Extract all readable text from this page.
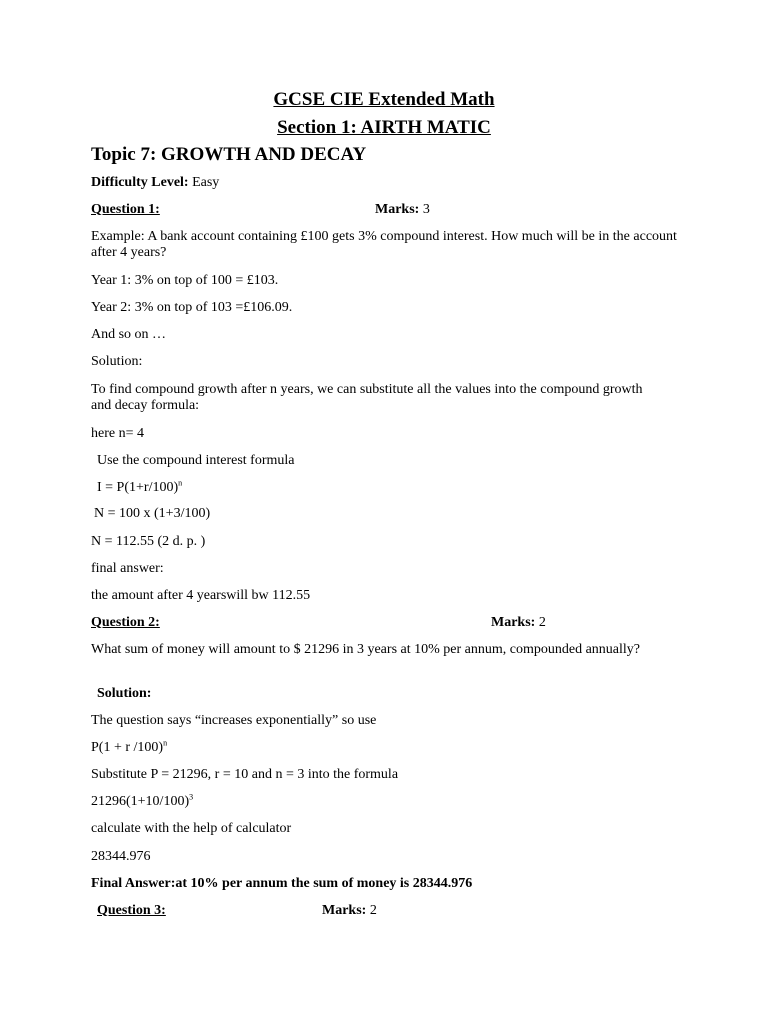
GCSE CIE Extended Math
Section 1: AIRTH MATIC
Topic 7: GROWTH AND DECAY
Difficulty Level: Easy
Question 1:	Marks: 3
Example: A bank account containing £100 gets 3% compound interest. How much will be in the account after 4 years?
Year 1: 3% on top of 100 = £103.
Year 2: 3% on top of 103 =£106.09.
And so on …
Solution:
To find compound growth after n years, we can substitute all the values into the compound growth and decay formula:
here n= 4
Use the compound interest formula
$I = P(1+r/100)^n$
N = 100 x (1+3/100)
N = 112.55 (2 d. p. )
final answer:
the amount after 4 yearswill bw 112.55
Question 2:	Marks: 2
What sum of money will amount to $ 21296 in 3 years at 10% per annum, compounded annually?
Solution:
The question says “increases exponentially” so use
P(1 + r /100)$^n$
Substitute P = 21296, r = 10 and n = 3 into the formula
$21296(1+10/100)^3$
calculate with the help of calculator
28344.976
Final Answer:at 10% per annum the sum of money is 28344.976
Question 3:	Marks: 2
